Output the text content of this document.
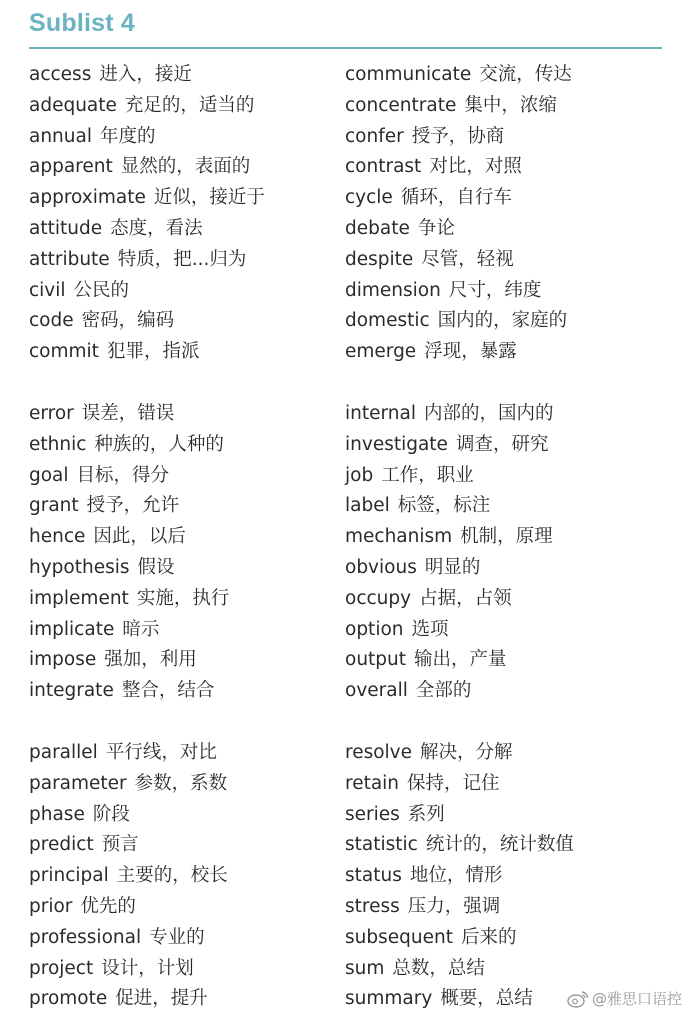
Sublist 4
access 进入，接近
adequate 充足的，适当的
annual 年度的
apparent 显然的，表面的
approximate 近似，接近于
attitude 态度，看法
attribute 特质，把...归为
civil 公民的
code 密码，编码
commit 犯罪，指派
error 误差，错误
ethnic 种族的，人种的
goal 目标，得分
grant 授予，允许
hence 因此，以后
hypothesis 假设
implement 实施，执行
implicate 暗示
impose 强加，利用
integrate 整合，结合
parallel 平行线，对比
parameter 参数，系数
phase 阶段
predict 预言
principal 主要的，校长
prior 优先的
professional 专业的
project 设计，计划
promote 促进，提升
communicate 交流，传达
concentrate 集中，浓缩
confer 授予，协商
contrast 对比，对照
cycle 循环，自行车
debate 争论
despite 尽管，轻视
dimension 尺寸，纬度
domestic 国内的，家庭的
emerge 浮现，暴露
internal 内部的，国内的
investigate 调查，研究
job 工作，职业
label 标签，标注
mechanism 机制，原理
obvious 明显的
occupy 占据，占领
option 选项
output 输出，产量
overall 全部的
resolve 解决，分解
retain 保持，记住
series 系列
statistic 统计的，统计数值
status 地位，情形
stress 压力，强调
subsequent 后来的
sum 总数，总结
summary 概要，总结	@雅思口语控
